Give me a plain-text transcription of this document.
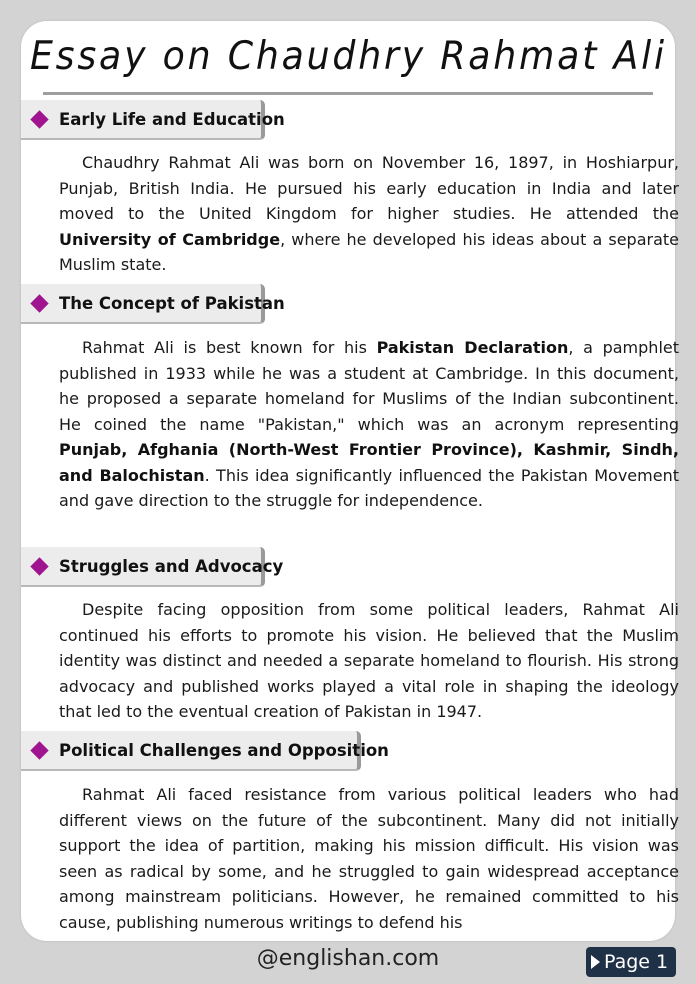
Essay on Chaudhry Rahmat Ali
Early Life and Education

Chaudhry Rahmat Ali was born on November 16, 1897, in Hoshiarpur, Punjab, British India. He pursued his early education in India and later moved to the United Kingdom for higher studies. He attended the University of Cambridge, where he developed his ideas about a separate Muslim state.

The Concept of Pakistan

Rahmat Ali is best known for his Pakistan Declaration, a pamphlet published in 1933 while he was a student at Cambridge. In this document, he proposed a separate homeland for Muslims of the Indian subcontinent. He coined the name "Pakistan," which was an acronym representing Punjab, Afghania (North-West Frontier Province), Kashmir, Sindh, and Balochistan. This idea significantly influenced the Pakistan Movement and gave direction to the struggle for independence.

Struggles and Advocacy

Despite facing opposition from some political leaders, Rahmat Ali continued his efforts to promote his vision. He believed that the Muslim identity was distinct and needed a separate homeland to flourish. His strong advocacy and published works played a vital role in shaping the ideology that led to the eventual creation of Pakistan in 1947.

Political Challenges and Opposition

Rahmat Ali faced resistance from various political leaders who had different views on the future of the subcontinent. Many did not initially support the idea of partition, making his mission difficult. His vision was seen as radical by some, and he struggled to gain widespread acceptance among mainstream politicians. However, he remained committed to his cause, publishing numerous writings to defend his

@englishan.com	Page 1
